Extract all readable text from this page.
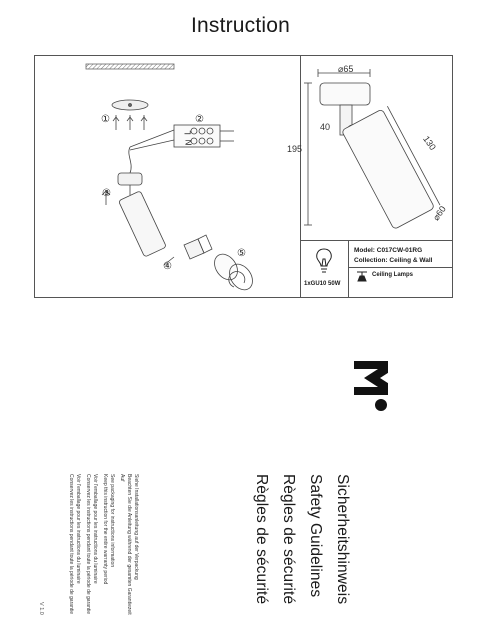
Instruction
①	②
③
④
⑤
L
N
⌀65
195
40
130
⌀60
1xGU10 50W
Model: C017CW-01RG
Collection: Ceiling & Wall
Ceiling Lamps
Sicherheitshinweis
Safety Guidelines
Règles de sécurité
Règles de sécurité
Siehe Installationsanleitung auf der Verpackung
Beachten Sie die Anleitung während der gesamten Garantiezeit
Auf
See packaging for instructions information
Keep this instruction for the entire warranty period
Voir l'emballage pour les instructions du luminaire
Conservez les instructions pendant toute la période de garantie
Voir l'emballage pour les instructions du luminaire
Conservez les instructions pendant toute la période de garantie
V 1.0
